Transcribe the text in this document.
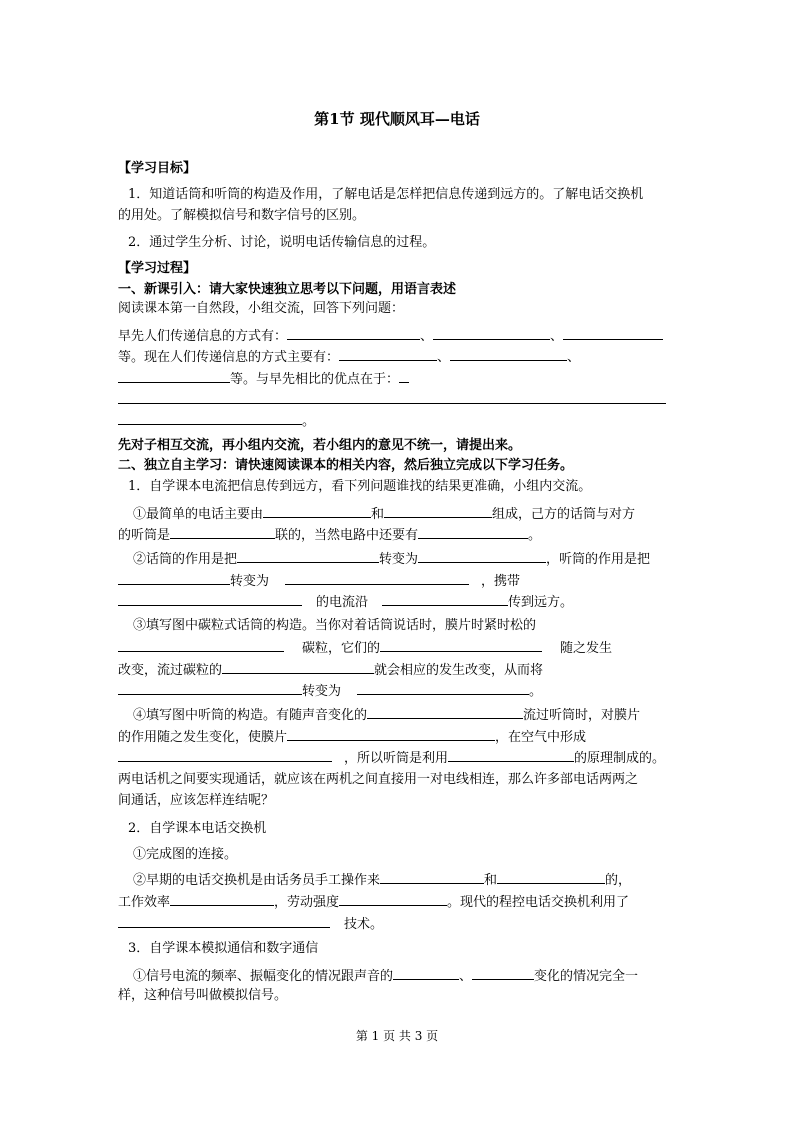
第1节 现代顺风耳—电话
【学习目标】
1．知道话筒和听筒的构造及作用，了解电话是怎样把信息传递到远方的。了解电话交换机
的用处。了解模拟信号和数字信号的区别。
2．通过学生分析、讨论，说明电话传输信息的过程。
【学习过程】
一、新课引入：请大家快速独立思考以下问题，用语言表述
阅读课本第一自然段，小组交流，回答下列问题：
早先人们传递信息的方式有：	、	、
等。现在人们传递信息的方式主要有：	、	、
等。与早先相比的优点在于：
。
先对子相互交流，再小组内交流，若小组内的意见不统一，请提出来。
二、独立自主学习：请快速阅读课本的相关内容，然后独立完成以下学习任务。
1．自学课本电流把信息传到远方，看下列问题谁找的结果更准确，小组内交流。
①最简单的电话主要由	和	组成，己方的话筒与对方
的听筒是	联的，当然电路中还要有	。
②话筒的作用是把	转变为	，听筒的作用是把
转变为	，携带
的电流沿	传到远方。
③填写图中碳粒式话筒的构造。当你对着话筒说话时，膜片时紧时松的
碳粒，它们的	随之发生
改变，流过碳粒的	就会相应的发生改变，从而将
转变为	。
④填写图中听筒的构造。有随声音变化的	流过听筒时，对膜片
的作用随之发生变化，使膜片	，在空气中形成
，所以听筒是利用	的原理制成的。
两电话机之间要实现通话，就应该在两机之间直接用一对电线相连，那么许多部电话两两之
间通话，应该怎样连结呢？
2．自学课本电话交换机
①完成图的连接。
②早期的电话交换机是由话务员手工操作来	和	的，
工作效率	，劳动强度	。现代的程控电话交换机利用了
技术。
3．自学课本模拟通信和数字通信
①信号电流的频率、振幅变化的情况跟声音的	、	变化的情况完全一
样，这种信号叫做模拟信号。
第 1 页 共 3 页
